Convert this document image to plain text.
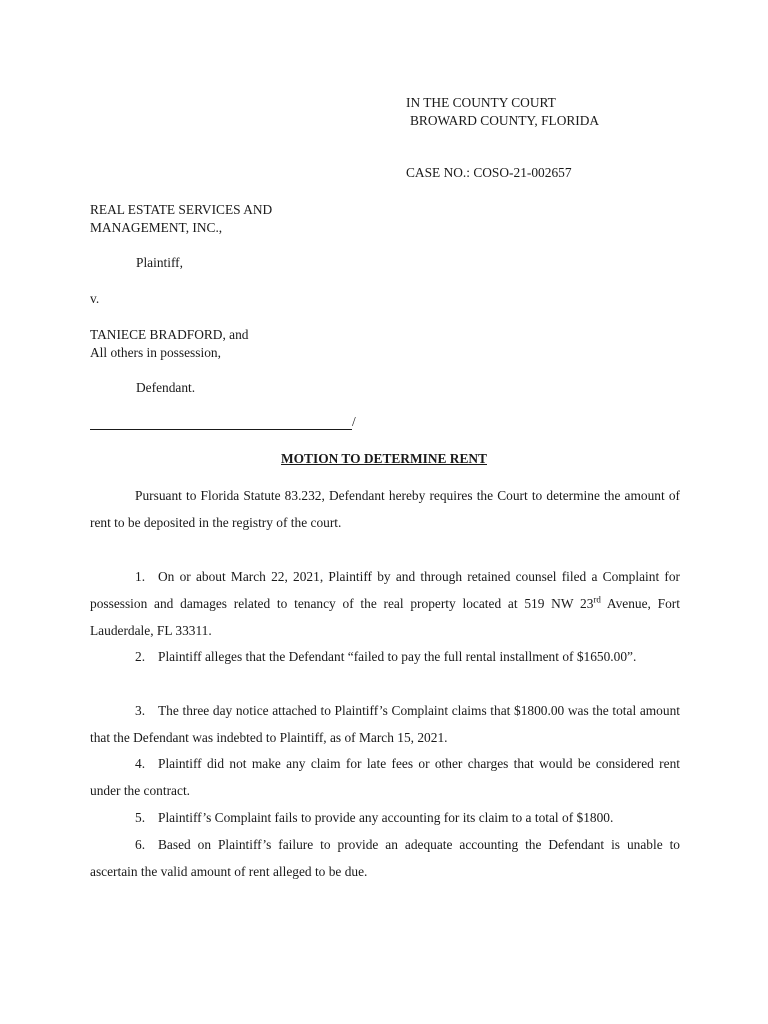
IN THE COUNTY COURT
BROWARD COUNTY, FLORIDA
CASE NO.: COSO-21-002657
REAL ESTATE SERVICES AND
MANAGEMENT, INC.,
Plaintiff,
v.
TANIECE BRADFORD, and
All others in possession,
Defendant.
/
MOTION TO DETERMINE RENT
Pursuant to Florida Statute 83.232, Defendant hereby requires the Court to determine the amount of rent to be deposited in the registry of the court.
1. On or about March 22, 2021, Plaintiff by and through retained counsel filed a Complaint for possession and damages related to tenancy of the real property located at 519 NW 23rd Avenue, Fort Lauderdale, FL 33311.
2. Plaintiff alleges that the Defendant “failed to pay the full rental installment of $1650.00”.
3. The three day notice attached to Plaintiff’s Complaint claims that $1800.00 was the total amount that the Defendant was indebted to Plaintiff, as of March 15, 2021.
4. Plaintiff did not make any claim for late fees or other charges that would be considered rent under the contract.
5. Plaintiff’s Complaint fails to provide any accounting for its claim to a total of $1800.
6. Based on Plaintiff’s failure to provide an adequate accounting the Defendant is unable to ascertain the valid amount of rent alleged to be due.
